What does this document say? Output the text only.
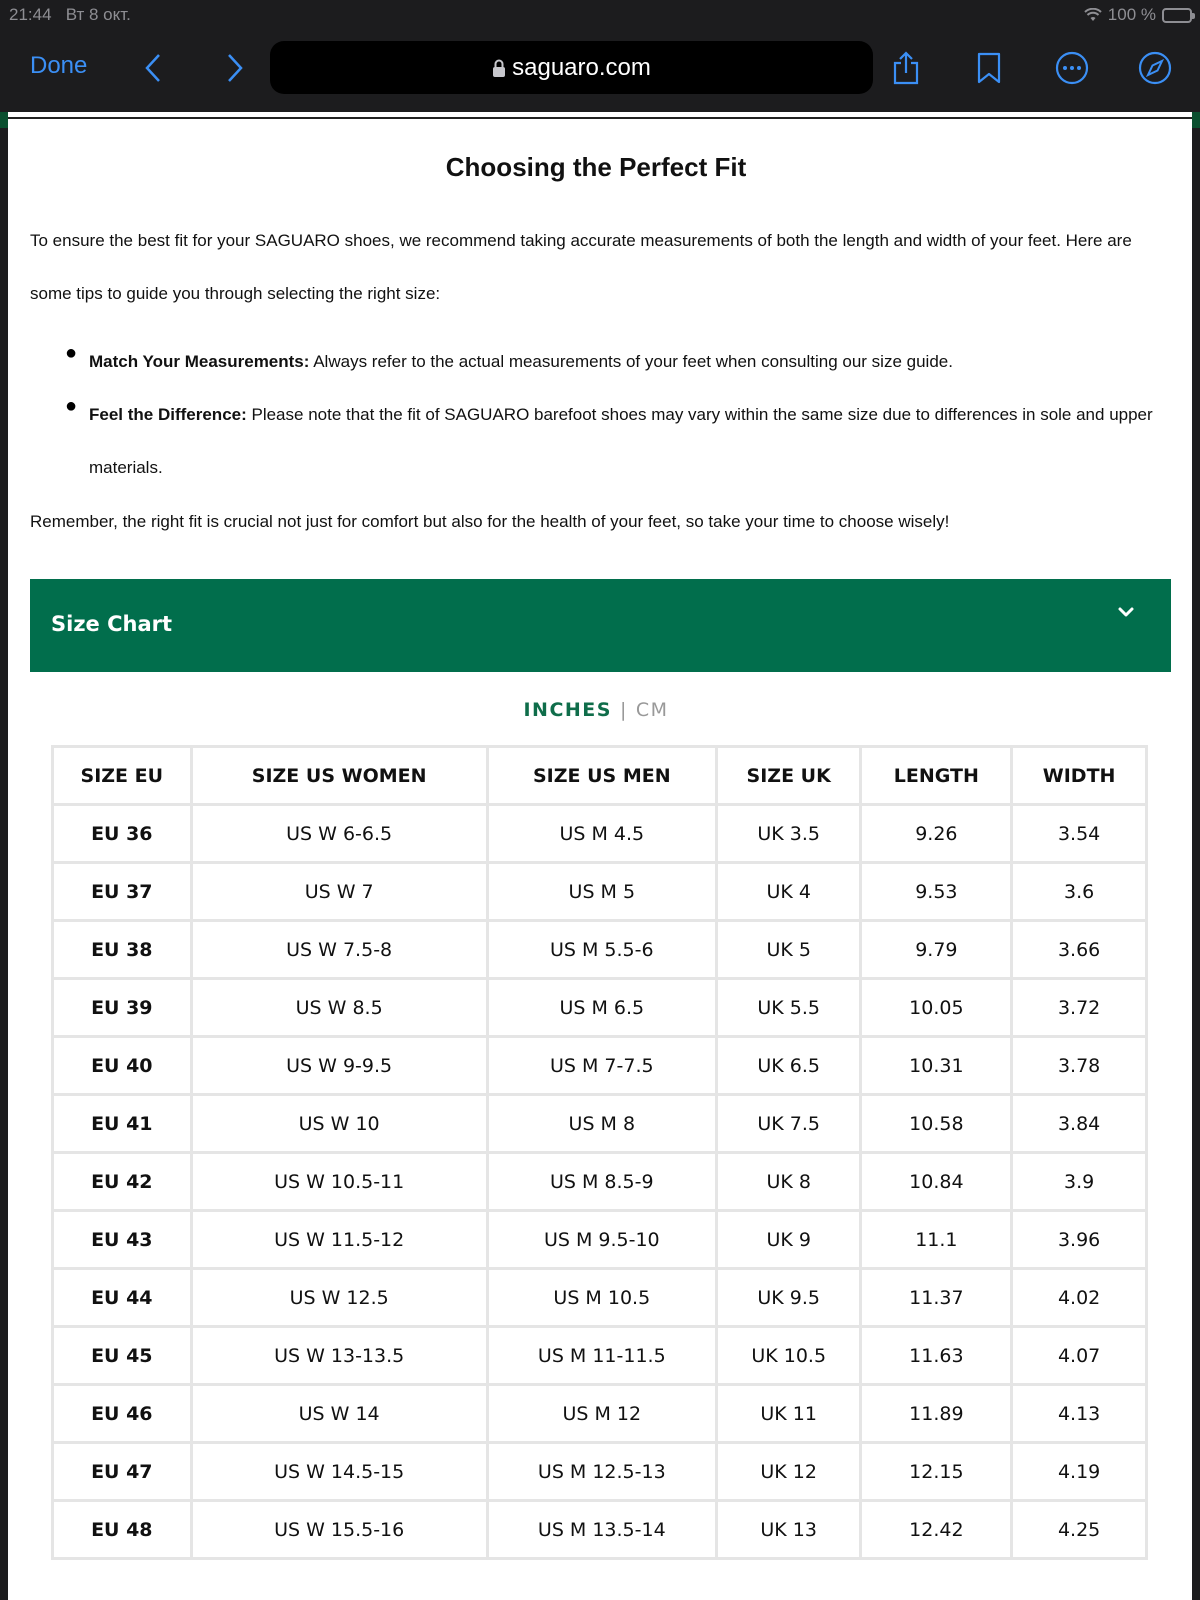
21:44 Вт 8 окт.	100 %
Done	saguaro.com
Choosing the Perfect Fit

To ensure the best fit for your SAGUARO shoes, we recommend taking accurate measurements of both the length and width of your feet. Here are some tips to guide you through selecting the right size:

● Match Your Measurements: Always refer to the actual measurements of your feet when consulting our size guide.

● Feel the Difference: Please note that the fit of SAGUARO barefoot shoes may vary within the same size due to differences in sole and upper materials.

Remember, the right fit is crucial not just for comfort but also for the health of your feet, so take your time to choose wisely!

Size Chart
INCHES | CM
SIZE EU	SIZE US WOMEN	SIZE US MEN	SIZE UK	LENGTH	WIDTH
EU 36	US W 6-6.5	US M 4.5	UK 3.5	9.26	3.54
EU 37	US W 7	US M 5	UK 4	9.53	3.6
EU 38	US W 7.5-8	US M 5.5-6	UK 5	9.79	3.66
EU 39	US W 8.5	US M 6.5	UK 5.5	10.05	3.72
EU 40	US W 9-9.5	US M 7-7.5	UK 6.5	10.31	3.78
EU 41	US W 10	US M 8	UK 7.5	10.58	3.84
EU 42	US W 10.5-11	US M 8.5-9	UK 8	10.84	3.9
EU 43	US W 11.5-12	US M 9.5-10	UK 9	11.1	3.96
EU 44	US W 12.5	US M 10.5	UK 9.5	11.37	4.02
EU 45	US W 13-13.5	US M 11-11.5	UK 10.5	11.63	4.07
EU 46	US W 14	US M 12	UK 11	11.89	4.13
EU 47	US W 14.5-15	US M 12.5-13	UK 12	12.15	4.19
EU 48	US W 15.5-16	US M 13.5-14	UK 13	12.42	4.25
